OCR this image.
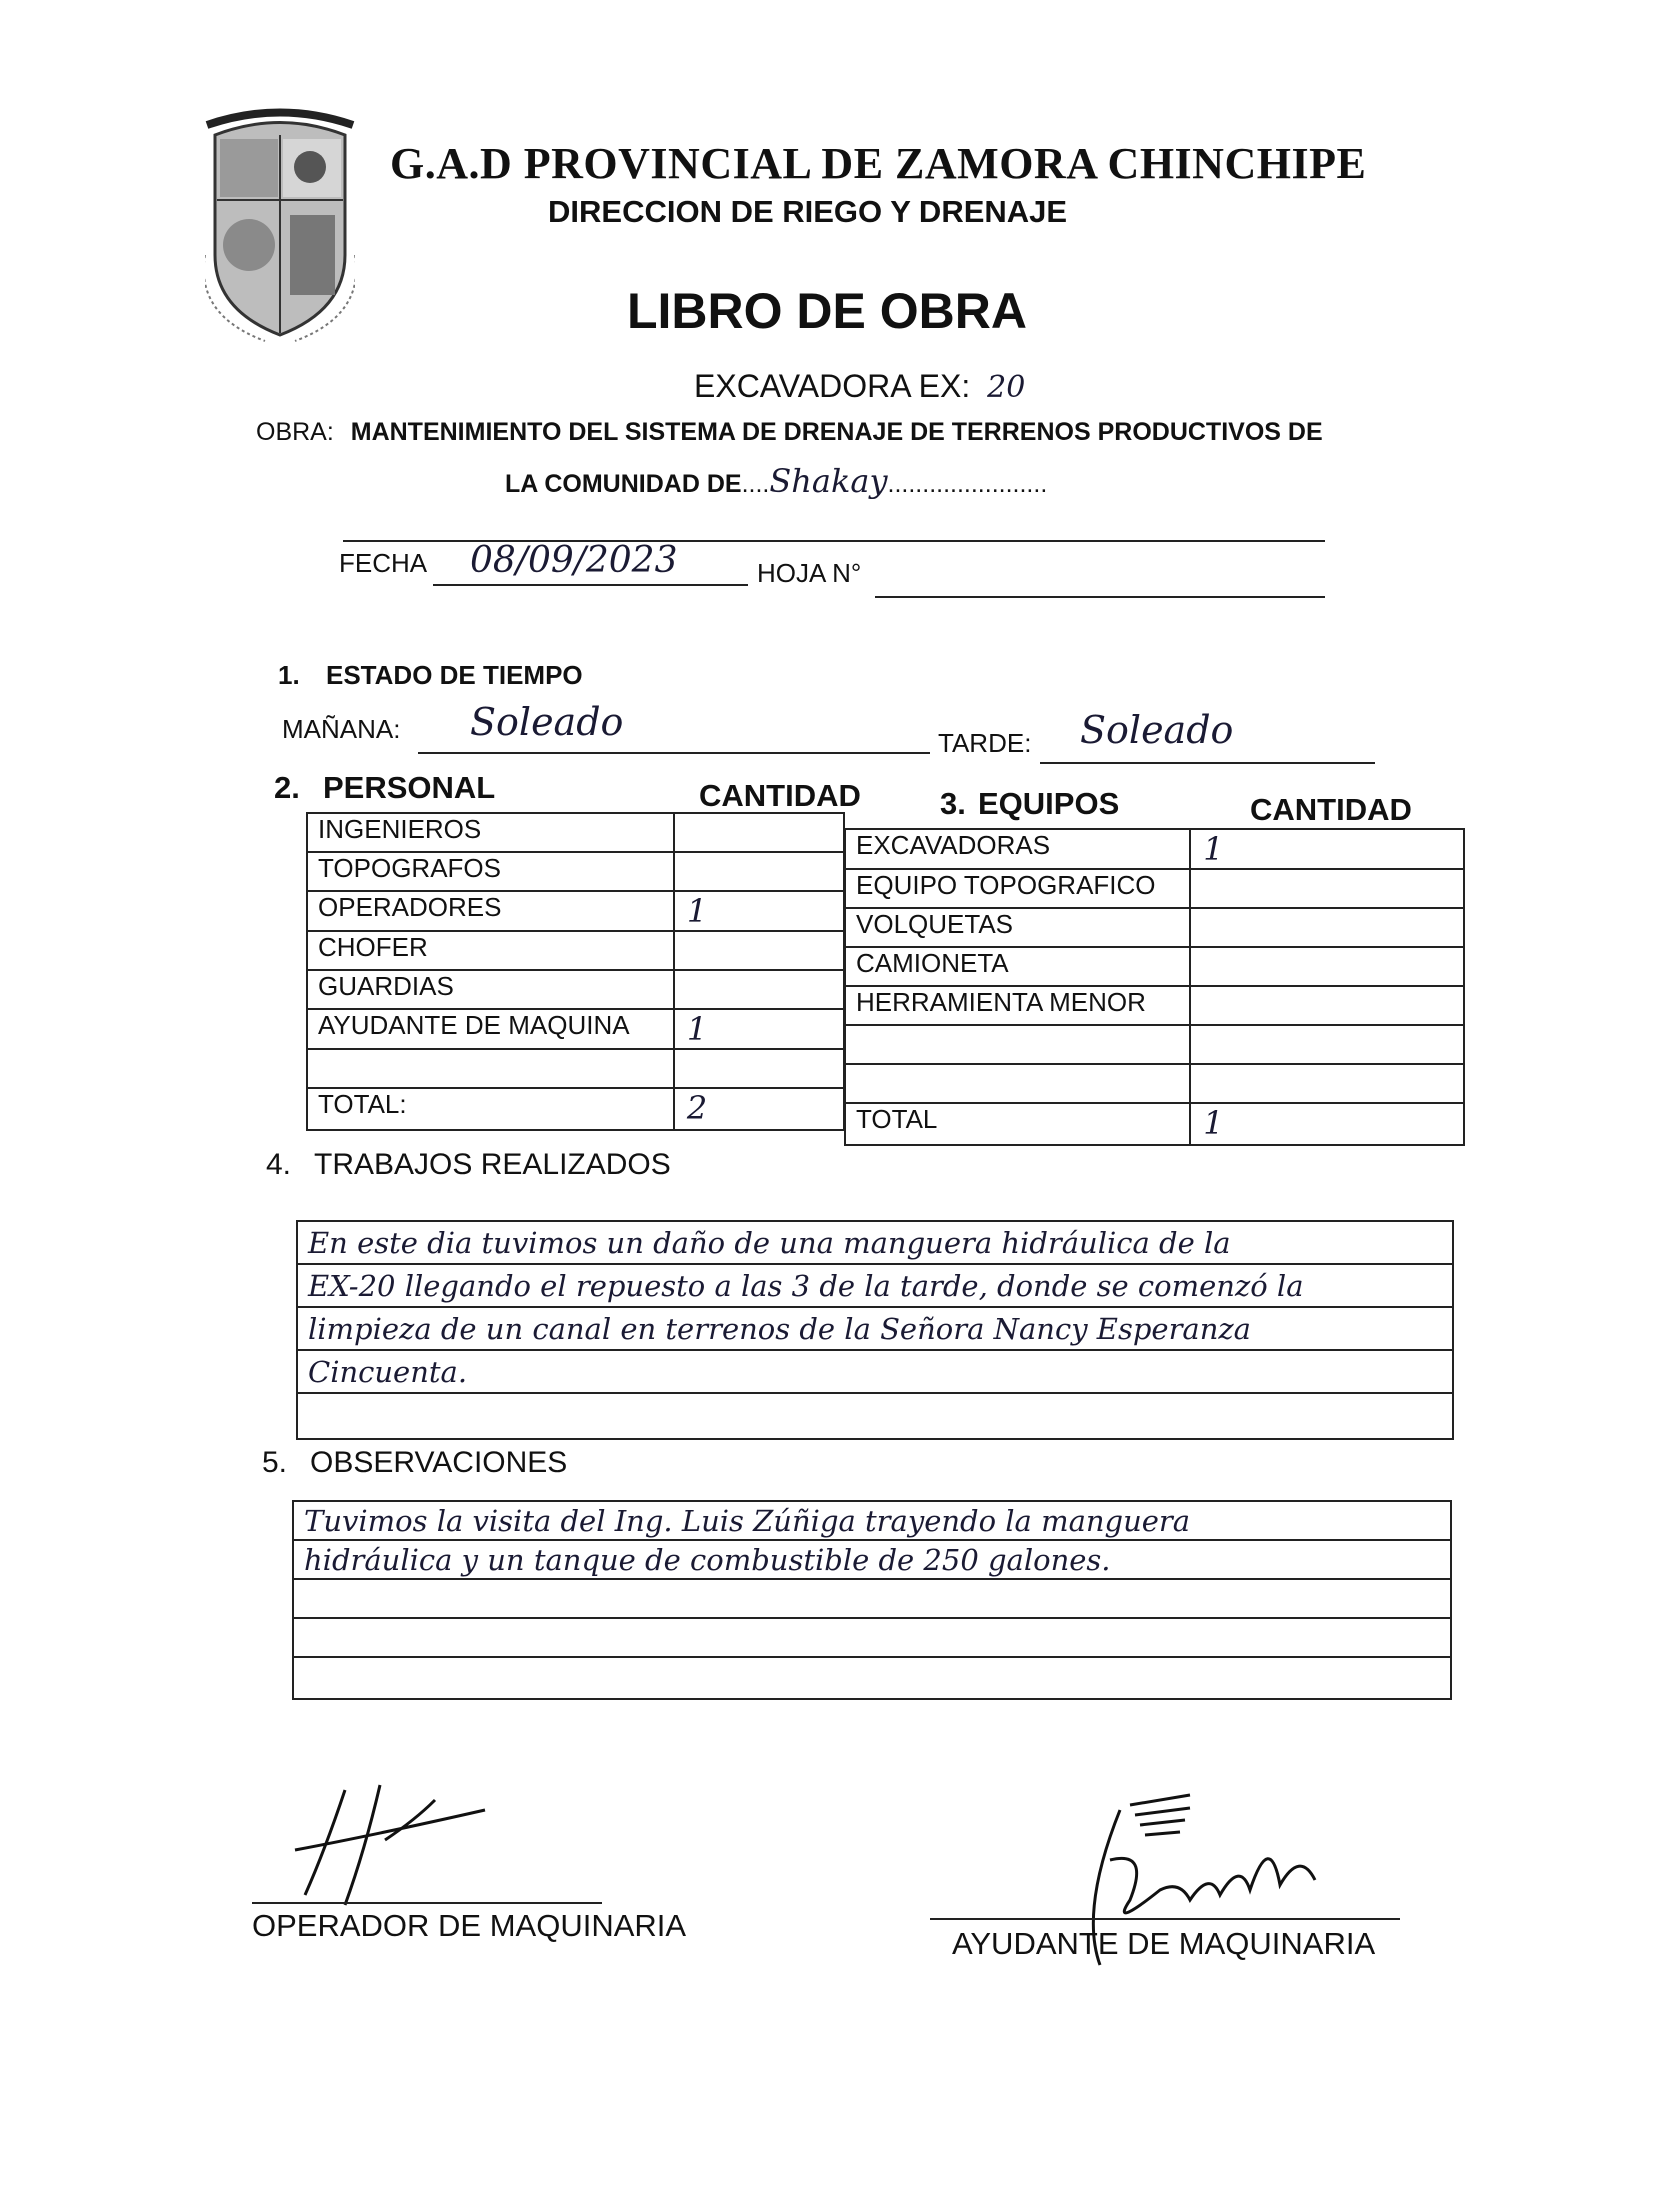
G.A.D PROVINCIAL DE ZAMORA CHINCHIPE
DIRECCION DE RIEGO Y DRENAJE
LIBRO DE OBRA
EXCAVADORA EX: 20
OBRA: MANTENIMIENTO DEL SISTEMA DE DRENAJE DE TERRENOS PRODUCTIVOS DE
LA COMUNIDAD DE....Shakay.......................
FECHA 08/09/2023	HOJA N°
1. ESTADO DE TIEMPO
MAÑANA: Soleado	TARDE: Soleado
2. PERSONAL	CANTIDAD	3. EQUIPOS	CANTIDAD
INGENIEROS	
TOPOGRAFOS	
OPERADORES	1
CHOFER	
GUARDIAS	
AYUDANTE DE MAQUINA	1

TOTAL:	2
EXCAVADORAS	1
EQUIPO TOPOGRAFICO	
VOLQUETAS	
CAMIONETA	
HERRAMIENTA MENOR	

TOTAL	1
4. TRABAJOS REALIZADOS
En este dia tuvimos un daño de una manguera hidráulica de la
EX-20 llegando el repuesto a las 3 de la tarde, donde se comenzó la
limpieza de un canal en terrenos de la Señora Nancy Esperanza
Cincuenta.
5. OBSERVACIONES
Tuvimos la visita del Ing. Luis Zúñiga trayendo la manguera
hidráulica y un tanque de combustible de 250 galones.
OPERADOR DE MAQUINARIA
AYUDANTE DE MAQUINARIA
